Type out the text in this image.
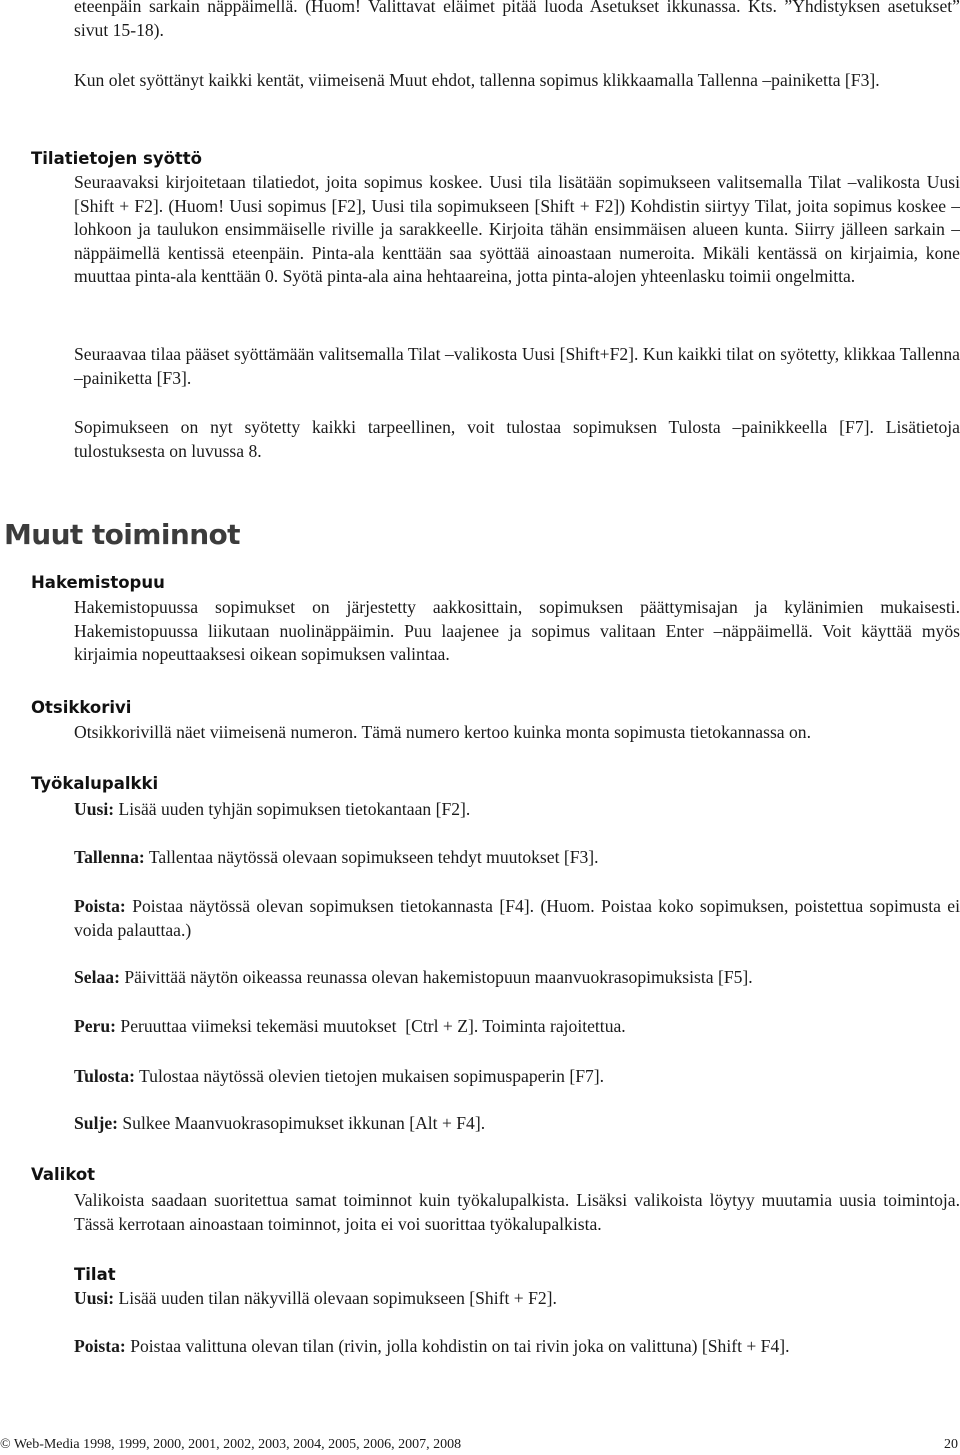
eteenpäin sarkain näppäimellä. (Huom! Valittavat eläimet pitää luoda Asetukset ikkunassa. Kts. ”Yhdistyksen asetukset” sivut 15-18).

Kun olet syöttänyt kaikki kentät, viimeisenä Muut ehdot, tallenna sopimus klikkaamalla Tallenna –painiketta [F3].

Tilatietojen syöttö

Seuraavaksi kirjoitetaan tilatiedot, joita sopimus koskee. Uusi tila lisätään sopimukseen valitsemalla Tilat –valikosta Uusi [Shift + F2]. (Huom! Uusi sopimus [F2], Uusi tila sopimukseen [Shift + F2]) Kohdistin siirtyy Tilat, joita sopimus koskee –lohkoon ja taulukon ensimmäiselle riville ja sarakkeelle. Kirjoita tähän ensimmäisen alueen kunta. Siirry jälleen sarkain –näppäimellä kentissä eteenpäin. Pinta-ala kenttään saa syöttää ainoastaan numeroita. Mikäli kentässä on kirjaimia, kone muuttaa pinta-ala kenttään 0. Syötä pinta-ala aina hehtaareina, jotta pinta-alojen yhteenlasku toimii ongelmitta.

Seuraavaa tilaa pääset syöttämään valitsemalla Tilat –valikosta Uusi [Shift+F2]. Kun kaikki tilat on syötetty, klikkaa Tallenna –painiketta [F3].

Sopimukseen on nyt syötetty kaikki tarpeellinen, voit tulostaa sopimuksen Tulosta –painikkeella [F7]. Lisätietoja tulostuksesta on luvussa 8.

Muut toiminnot
Hakemistopuu

Hakemistopuussa sopimukset on järjestetty aakkosittain, sopimuksen päättymisajan ja kylänimien mukaisesti. Hakemistopuussa liikutaan nuolinäppäimin. Puu laajenee ja sopimus valitaan Enter –näppäimellä. Voit käyttää myös kirjaimia nopeuttaaksesi oikean sopimuksen valintaa.

Otsikkorivi

Otsikkorivillä näet viimeisenä numeron. Tämä numero kertoo kuinka monta sopimusta tietokannassa on.

Työkalupalkki

Uusi: Lisää uuden tyhjän sopimuksen tietokantaan [F2].

Tallenna: Tallentaa näytössä olevaan sopimukseen tehdyt muutokset [F3].

Poista: Poistaa näytössä olevan sopimuksen tietokannasta [F4]. (Huom. Poistaa koko sopimuksen, poistettua sopimusta ei voida palauttaa.)

Selaa: Päivittää näytön oikeassa reunassa olevan hakemistopuun maanvuokrasopimuksista [F5].

Peru: Peruuttaa viimeksi tekemäsi muutokset  [Ctrl + Z]. Toiminta rajoitettua.

Tulosta: Tulostaa näytössä olevien tietojen mukaisen sopimuspaperin [F7].

Sulje: Sulkee Maanvuokrasopimukset ikkunan [Alt + F4].

Valikot

Valikoista saadaan suoritettua samat toiminnot kuin työkalupalkista. Lisäksi valikoista löytyy muutamia uusia toimintoja. Tässä kerrotaan ainoastaan toiminnot, joita ei voi suorittaa työkalupalkista.

Tilat

Uusi: Lisää uuden tilan näkyvillä olevaan sopimukseen [Shift + F2].

Poista: Poistaa valittuna olevan tilan (rivin, jolla kohdistin on tai rivin joka on valittuna) [Shift + F4].

© Web-Media 1998, 1999, 2000, 2001, 2002, 2003, 2004, 2005, 2006, 2007, 2008	20
